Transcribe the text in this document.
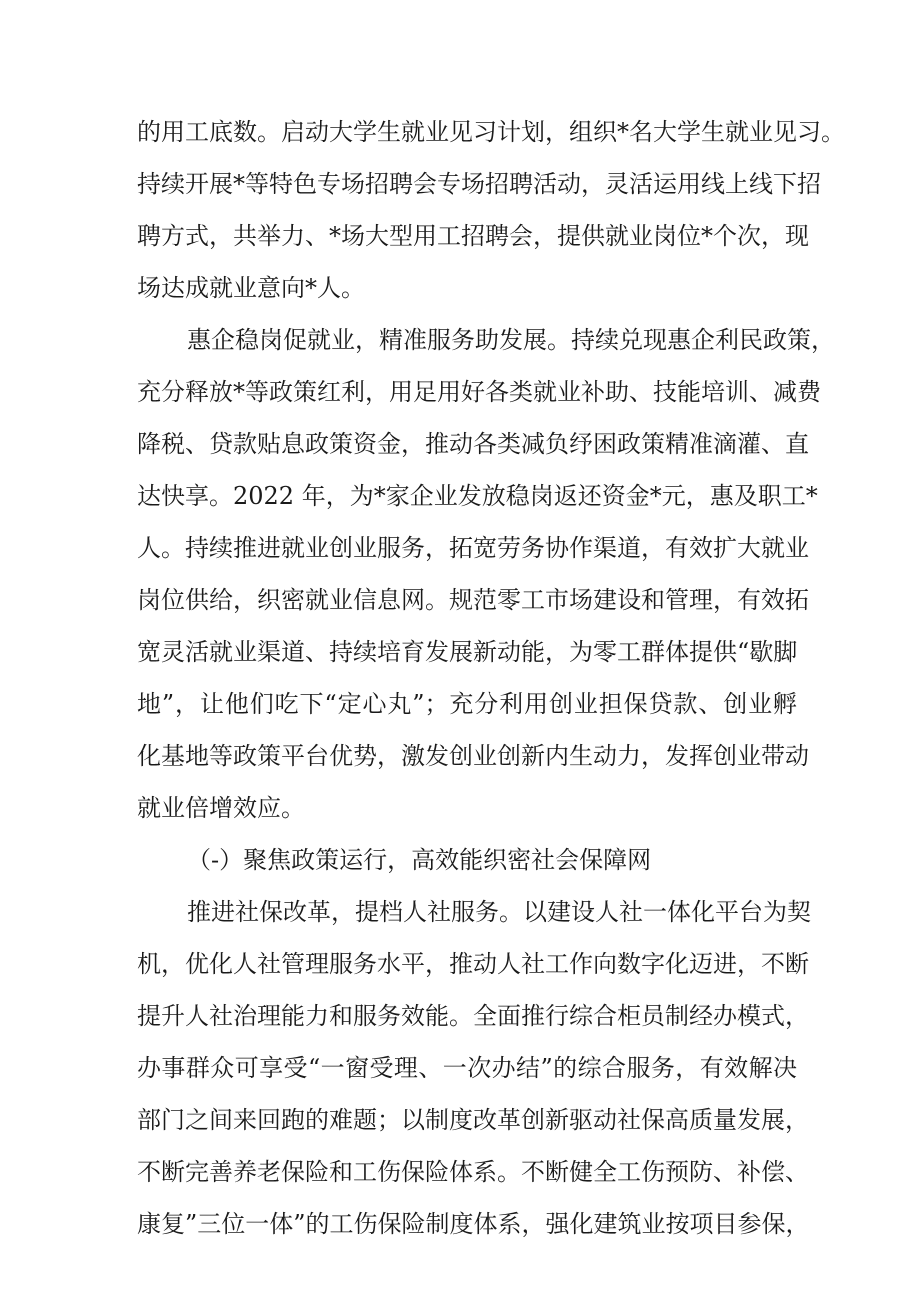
的用工底数。启动大学生就业见习计划，组织*名大学生就业见习。
持续开展*等特色专场招聘会专场招聘活动，灵活运用线上线下招
聘方式，共举力、*场大型用工招聘会，提供就业岗位*个次，现
场达成就业意向*人。
惠企稳岗促就业，精准服务助发展。持续兑现惠企利民政策，
充分释放*等政策红利，用足用好各类就业补助、技能培训、减费
降税、贷款贴息政策资金，推动各类减负纾困政策精准滴灌、直
达快享。2022 年，为*家企业发放稳岗返还资金*元，惠及职工*
人。持续推进就业创业服务，拓宽劳务协作渠道，有效扩大就业
岗位供给，织密就业信息网。规范零工市场建设和管理，有效拓
宽灵活就业渠道、持续培育发展新动能，为零工群体提供“歇脚
地”，让他们吃下“定心丸”；充分利用创业担保贷款、创业孵
化基地等政策平台优势，激发创业创新内生动力，发挥创业带动
就业倍增效应。
（-）聚焦政策运行，高效能织密社会保障网
推进社保改革，提档人社服务。以建设人社一体化平台为契
机，优化人社管理服务水平，推动人社工作向数字化迈进，不断
提升人社治理能力和服务效能。全面推行综合柜员制经办模式，
办事群众可享受“一窗受理、一次办结”的综合服务，有效解决
部门之间来回跑的难题；以制度改革创新驱动社保高质量发展，
不断完善养老保险和工伤保险体系。不断健全工伤预防、补偿、
康复”三位一体”的工伤保险制度体系，强化建筑业按项目参保，
